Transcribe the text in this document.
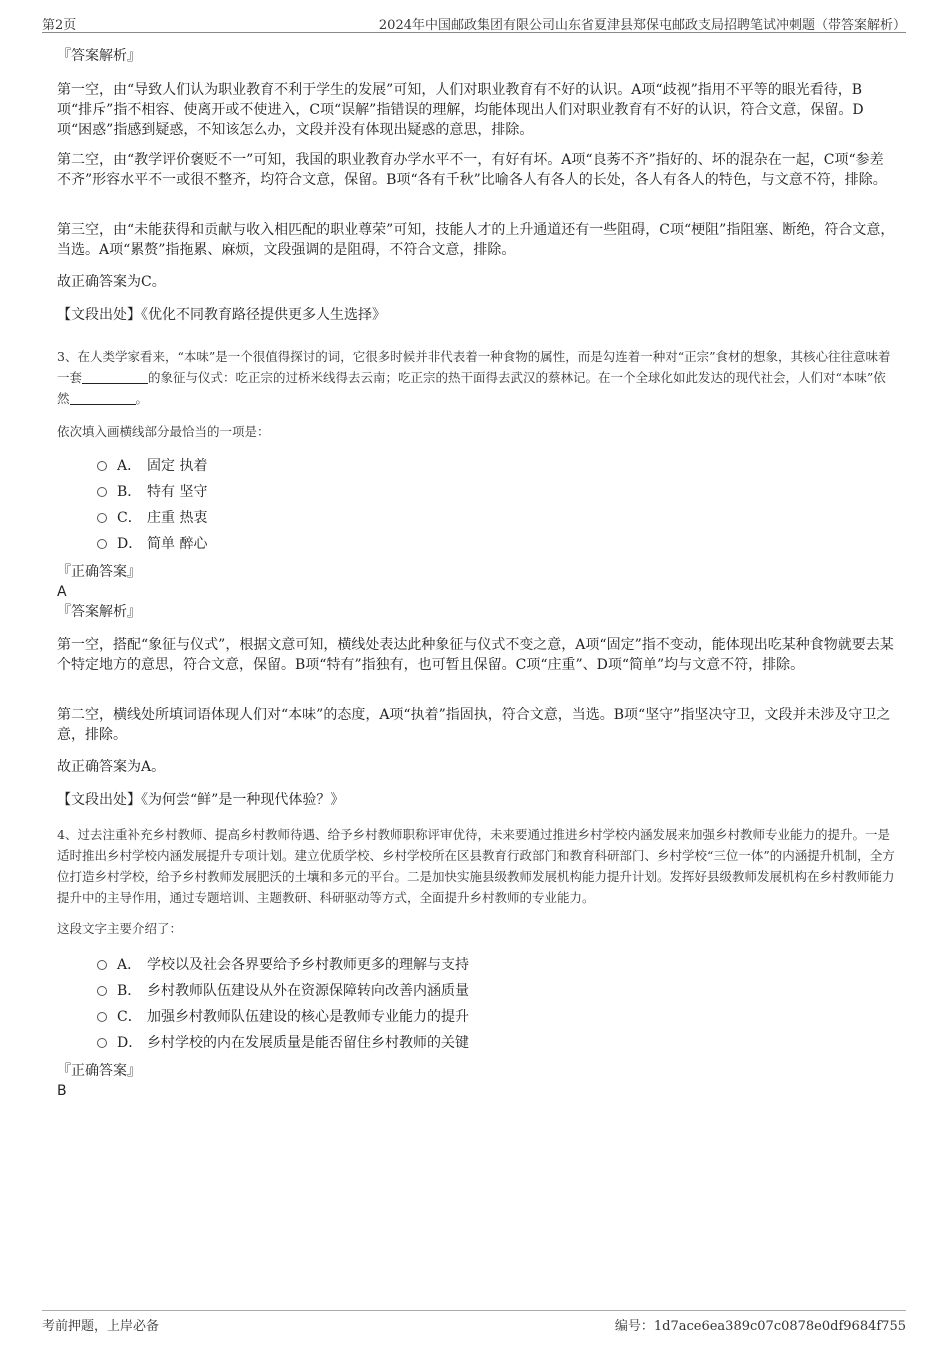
第2页	2024年中国邮政集团有限公司山东省夏津县郑保屯邮政支局招聘笔试冲刺题（带答案解析）

『答案解析』

第一空，由“导致人们认为职业教育不利于学生的发展”可知，人们对职业教育有不好的认识。A项“歧视”指用不平等的眼光看待，B项“排斥”指不相容、使离开或不使进入，C项“误解”指错误的理解，均能体现出人们对职业教育有不好的认识，符合文意，保留。D项“困惑”指感到疑惑，不知该怎么办，文段并没有体现出疑惑的意思，排除。

第二空，由“教学评价褒贬不一”可知，我国的职业教育办学水平不一，有好有坏。A项“良莠不齐”指好的、坏的混杂在一起，C项“参差不齐”形容水平不一或很不整齐，均符合文意，保留。B项“各有千秋”比喻各人有各人的长处，各人有各人的特色，与文意不符，排除。

第三空，由“未能获得和贡献与收入相匹配的职业尊荣”可知，技能人才的上升通道还有一些阻碍，C项“梗阻”指阻塞、断绝，符合文意，当选。A项“累赘”指拖累、麻烦，文段强调的是阻碍，不符合文意，排除。

故正确答案为C。

【文段出处】《优化不同教育路径提供更多人生选择》

3、在人类学家看来，“本味”是一个很值得探讨的词，它很多时候并非代表着一种食物的属性，而是勾连着一种对“正宗”食材的想象，其核心往往意味着一套	的象征与仪式：吃正宗的过桥米线得去云南；吃正宗的热干面得去武汉的蔡林记。在一个全球化如此发达的现代社会，人们对“本味”依然	。

依次填入画横线部分最恰当的一项是：
A． 固定 执着
B． 特有 坚守
C． 庄重 热衷
D． 简单 醉心

『正确答案』

A

『答案解析』

第一空，搭配“象征与仪式”，根据文意可知，横线处表达此种象征与仪式不变之意，A项“固定”指不变动，能体现出吃某种食物就要去某个特定地方的意思，符合文意，保留。B项“特有”指独有，也可暂且保留。C项“庄重”、D项“简单”均与文意不符，排除。

第二空，横线处所填词语体现人们对“本味”的态度，A项“执着”指固执，符合文意，当选。B项“坚守”指坚决守卫，文段并未涉及守卫之意，排除。

故正确答案为A。

【文段出处】《为何尝“鲜”是一种现代体验？》

4、过去注重补充乡村教师、提高乡村教师待遇、给予乡村教师职称评审优待，未来要通过推进乡村学校内涵发展来加强乡村教师专业能力的提升。一是适时推出乡村学校内涵发展提升专项计划。建立优质学校、乡村学校所在区县教育行政部门和教育科研部门、乡村学校“三位一体”的内涵提升机制，全方位打造乡村学校，给予乡村教师发展肥沃的土壤和多元的平台。二是加快实施县级教师发展机构能力提升计划。发挥好县级教师发展机构在乡村教师能力提升中的主导作用，通过专题培训、主题教研、科研驱动等方式，全面提升乡村教师的专业能力。

这段文字主要介绍了：
A． 学校以及社会各界要给予乡村教师更多的理解与支持
B． 乡村教师队伍建设从外在资源保障转向改善内涵质量
C． 加强乡村教师队伍建设的核心是教师专业能力的提升
D． 乡村学校的内在发展质量是能否留住乡村教师的关键

『正确答案』

B
考前押题，上岸必备	编号：1d7ace6ea389c07c0878e0df9684f755
